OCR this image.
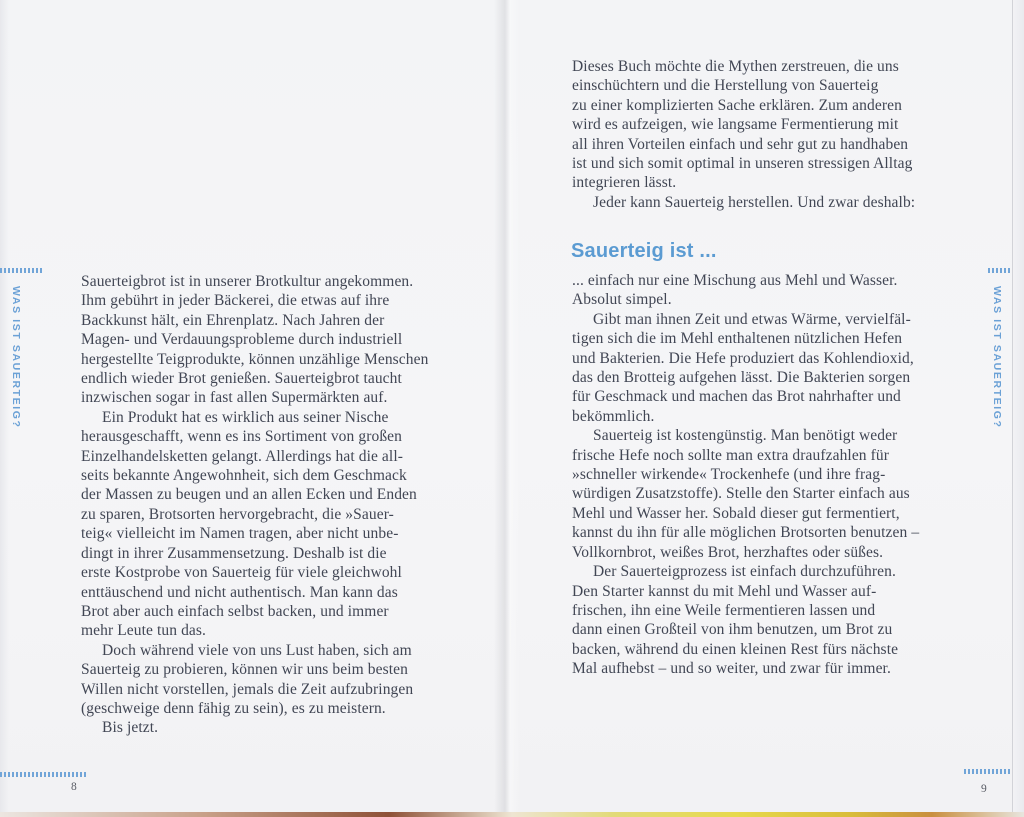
WAS IST SAUERTEIG?
Sauerteigbrot ist in unserer Brotkultur angekommen.
Ihm gebührt in jeder Bäckerei, die etwas auf ihre
Backkunst hält, ein Ehrenplatz. Nach Jahren der
Magen- und Verdauungsprobleme durch industriell
hergestellte Teigprodukte, können unzählige Menschen
endlich wieder Brot genießen. Sauerteigbrot taucht
inzwischen sogar in fast allen Supermärkten auf.
Ein Produkt hat es wirklich aus seiner Nische
herausgeschafft, wenn es ins Sortiment von großen
Einzelhandelsketten gelangt. Allerdings hat die all-
seits bekannte Angewohnheit, sich dem Geschmack
der Massen zu beugen und an allen Ecken und Enden
zu sparen, Brotsorten hervorgebracht, die »Sauer-
teig« vielleicht im Namen tragen, aber nicht unbe-
dingt in ihrer Zusammensetzung. Deshalb ist die
erste Kostprobe von Sauerteig für viele gleichwohl
enttäuschend und nicht authentisch. Man kann das
Brot aber auch einfach selbst backen, und immer
mehr Leute tun das.
Doch während viele von uns Lust haben, sich am
Sauerteig zu probieren, können wir uns beim besten
Willen nicht vorstellen, jemals die Zeit aufzubringen
(geschweige denn fähig zu sein), es zu meistern.
Bis jetzt.
8
Dieses Buch möchte die Mythen zerstreuen, die uns
einschüchtern und die Herstellung von Sauerteig
zu einer komplizierten Sache erklären. Zum anderen
wird es aufzeigen, wie langsame Fermentierung mit
all ihren Vorteilen einfach und sehr gut zu handhaben
ist und sich somit optimal in unseren stressigen Alltag
integrieren lässt.
Jeder kann Sauerteig herstellen. Und zwar deshalb:
Sauerteig ist ...
... einfach nur eine Mischung aus Mehl und Wasser.
Absolut simpel.
Gibt man ihnen Zeit und etwas Wärme, vervielfäl-
tigen sich die im Mehl enthaltenen nützlichen Hefen
und Bakterien. Die Hefe produziert das Kohlendioxid,
das den Brotteig aufgehen lässt. Die Bakterien sorgen
für Geschmack und machen das Brot nahrhafter und
bekömmlich.
Sauerteig ist kostengünstig. Man benötigt weder
frische Hefe noch sollte man extra draufzahlen für
»schneller wirkende« Trockenhefe (und ihre frag-
würdigen Zusatzstoffe). Stelle den Starter einfach aus
Mehl und Wasser her. Sobald dieser gut fermentiert,
kannst du ihn für alle möglichen Brotsorten benutzen –
Vollkornbrot, weißes Brot, herzhaftes oder süßes.
Der Sauerteigprozess ist einfach durchzuführen.
Den Starter kannst du mit Mehl und Wasser auf-
frischen, ihn eine Weile fermentieren lassen und
dann einen Großteil von ihm benutzen, um Brot zu
backen, während du einen kleinen Rest fürs nächste
Mal aufhebst – und so weiter, und zwar für immer.
WAS IST SAUERTEIG?
9
